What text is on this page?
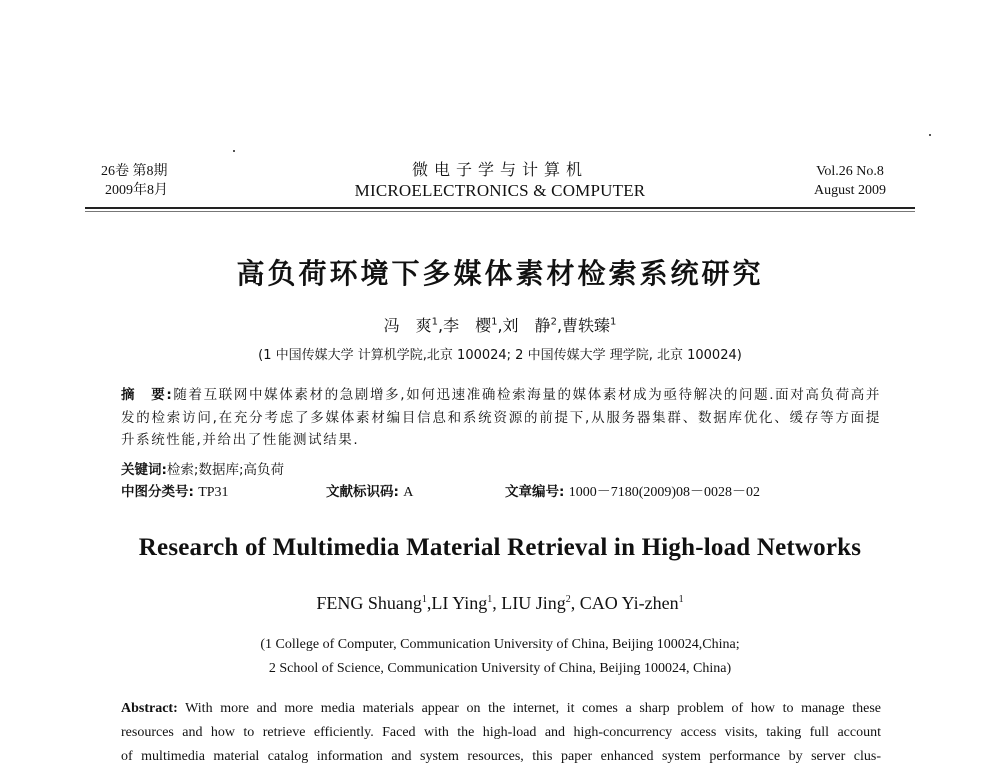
26卷 第8期
2009年8月
微电子学与计算机
MICROELECTRONICS & COMPUTER
Vol.26 No.8
August 2009
高负荷环境下多媒体素材检索系统研究
冯　爽$^1$,李　樱$^1$,刘　静$^2$,曹轶臻$^1$
(1 中国传媒大学 计算机学院,北京 100024; 2 中国传媒大学 理学院, 北京 100024)
摘　要:随着互联网中媒体素材的急剧增多,如何迅速准确检索海量的媒体素材成为亟待解决的问题.面对高负荷高并发的检索访问,在充分考虑了多媒体素材编目信息和系统资源的前提下,从服务器集群、数据库优化、缓存等方面提升系统性能,并给出了性能测试结果.
关键词:检索;数据库;高负荷
中图分类号: TP31	文献标识码: A	文章编号: 1000－7180(2009)08－0028－02
Research of Multimedia Material Retrieval in High-load Networks
FENG Shuang$^1$,LI Ying$^1$, LIU Jing$^2$, CAO Yi-zhen$^1$
(1 College of Computer, Communication University of China, Beijing 100024,China;
2 School of Science, Communication University of China, Beijing 100024, China)
Abstract: With more and more media materials appear on the internet, it comes a sharp problem of how to manage these
resources and how to retrieve efficiently. Faced with the high-load and high-concurrency access visits, taking full account
of multimedia material catalog information and system resources, this paper enhanced system performance by server clus-
